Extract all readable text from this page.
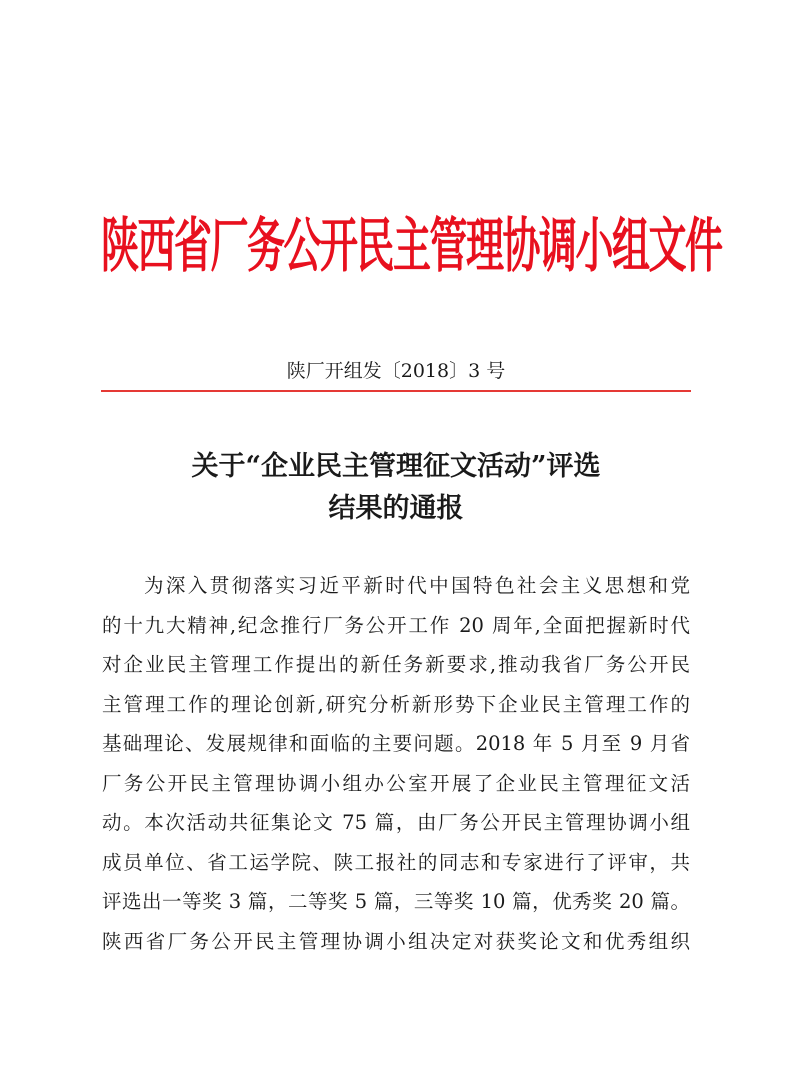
陕西省厂务公开民主管理协调小组文件
陕厂开组发〔2018〕3 号
关于“企业民主管理征文活动”评选
结果的通报
为深入贯彻落实习近平新时代中国特色社会主义思想和党
的十九大精神,纪念推行厂务公开工作 20 周年,全面把握新时代
对企业民主管理工作提出的新任务新要求,推动我省厂务公开民
主管理工作的理论创新,研究分析新形势下企业民主管理工作的
基础理论、发展规律和面临的主要问题。2018 年 5 月至 9 月省
厂务公开民主管理协调小组办公室开展了企业民主管理征文活
动。本次活动共征集论文 75 篇，由厂务公开民主管理协调小组
成员单位、省工运学院、陕工报社的同志和专家进行了评审，共
评选出一等奖 3 篇，二等奖 5 篇，三等奖 10 篇，优秀奖 20 篇。
陕西省厂务公开民主管理协调小组决定对获奖论文和优秀组织
